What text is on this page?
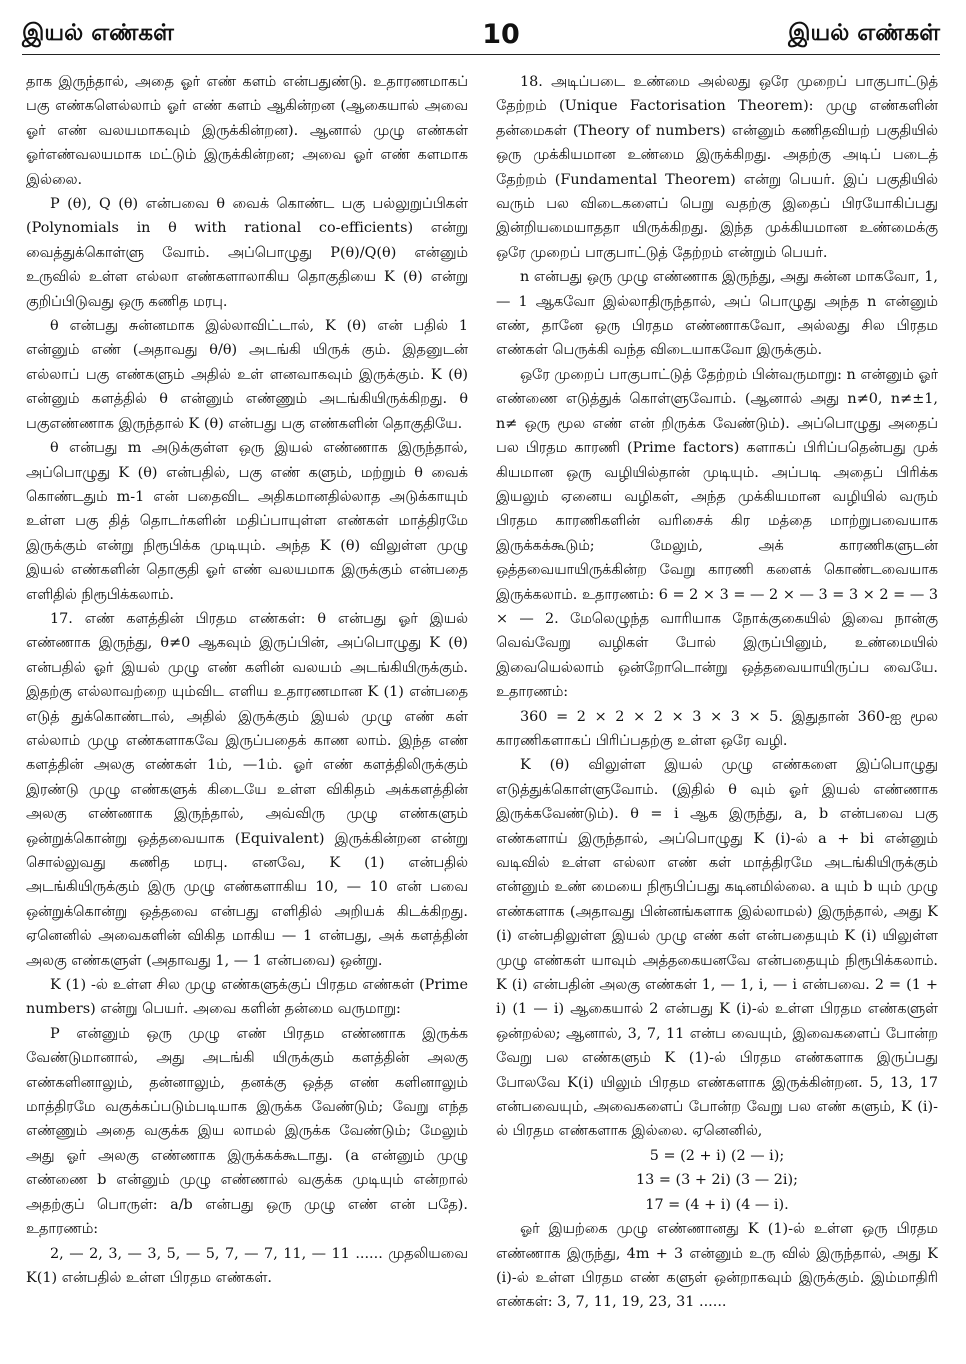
இயல் எண்கள்	10	இயல் எண்கள்

தாக இருந்தால், அதை ஓர் எண் களம் என்பதுண்டு. உதாரணமாகப் பகு எண்களெல்லாம் ஓர் எண் களம் ஆகின்றன (ஆகையால் அவை ஓர் எண் வலயமாகவும் இருக்கின்றன). ஆனால் முழு எண்கள் ஓர்எண்வலயமாக மட்டும் இருக்கின்றன; அவை ஓர் எண் களமாக இல்லை.

P (θ), Q (θ) என்பவை θ வைக் கொண்ட பகு பல்லுறுப்பிகள் (Polynomials in θ with rational co-efficients) என்று வைத்துக்கொள்ளு வோம். அப்பொழுது P(θ)/Q(θ) என்னும் உருவில் உள்ள எல்லா எண்களாலாகிய தொகுதியை K (θ) என்று குறிப்பிடுவது ஒரு கணித மரபு.

θ என்பது சுன்னமாக இல்லாவிட்டால், K (θ) என் பதில் 1 என்னும் எண் (அதாவது θ/θ) அடங்கி யிருக் கும். இதனுடன் எல்லாப் பகு எண்களும் அதில் உள் ளனவாகவும் இருக்கும். K (θ) என்னும் களத்தில் θ என்னும் எண்ணும் அடங்கியிருக்கிறது. θ பகுஎண்ணாக இருந்தால் K (θ) என்பது பகு எண்களின் தொகுதியே.

θ என்பது m அடுக்குள்ள ஒரு இயல் எண்ணாக இருந்தால், அப்பொழுது K (θ) என்பதில், பகு எண் களும், மற்றும் θ வைக் கொண்டதும் m-1 என் பதைவிட அதிகமானதில்லாத அடுக்காயும் உள்ள பகு தித் தொடர்களின் மதிப்பாயுள்ள எண்கள் மாத்திரமே இருக்கும் என்று நிரூபிக்க முடியும். அந்த K (θ) விலுள்ள முழு இயல் எண்களின் தொகுதி ஓர் எண் வலயமாக இருக்கும் என்பதை எளிதில் நிரூபிக்கலாம்.

17. எண் களத்தின் பிரதம எண்கள்: θ என்பது ஓர் இயல் எண்ணாக இருந்து, θ≠0 ஆகவும் இருப்பின், அப்பொழுது K (θ) என்பதில் ஓர் இயல் முழு எண் களின் வலயம் அடங்கியிருக்கும். இதற்கு எல்லாவற்றை யும்விட எளிய உதாரணமான K (1) என்பதை எடுத் துக்கொண்டால், அதில் இருக்கும் இயல் முழு எண் கள் எல்லாம் முழு எண்களாகவே இருப்பதைக் காண லாம். இந்த எண் களத்தின் அலகு எண்கள் 1ம், —1ம். ஓர் எண் களத்திலிருக்கும் இரண்டு முழு எண்களுக் கிடையே உள்ள விகிதம் அக்களத்தின் அலகு எண்ணாக இருந்தால், அவ்விரு முழு எண்களும் ஒன்றுக்கொன்று ஒத்தவையாக (Equivalent) இருக்கின்றன என்று சொல்லுவது கணித மரபு. எனவே, K (1) என்பதில் அடங்கியிருக்கும் இரு முழு எண்களாகிய 10, — 10 என் பவை ஒன்றுக்கொன்று ஒத்தவை என்பது எளிதில் அறியக் கிடக்கிறது. ஏனெனில் அவைகளின் விகித மாகிய — 1 என்பது, அக் களத்தின் அலகு எண்களுள் (அதாவது 1, — 1 என்பவை) ஒன்று.

K (1) -ல் உள்ள சில முழு எண்களுக்குப் பிரதம எண்கள் (Prime numbers) என்று பெயர். அவை களின் தன்மை வருமாறு:

P என்னும் ஒரு முழு எண் பிரதம எண்ணாக இருக்க வேண்டுமானால், அது அடங்கி யிருக்கும் களத்தின் அலகு எண்களினாலும், தன்னாலும், தனக்கு ஒத்த எண் களினாலும் மாத்திரமே வகுக்கப்படும்படியாக இருக்க வேண்டும்; வேறு எந்த எண்ணும் அதை வகுக்க இய லாமல் இருக்க வேண்டும்; மேலும் அது ஓர் அலகு எண்ணாக இருக்கக்கூடாது. (a என்னும் முழு எண்ணை b என்னும் முழு எண்ணால் வகுக்க முடியும் என்றால் அதற்குப் பொருள்: a/b என்பது ஒரு முழு எண் என் பதே). உதாரணம்:

2, — 2, 3, — 3, 5, — 5, 7, — 7, 11, — 11 ...... முதலியவை K(1) என்பதில் உள்ள பிரதம எண்கள்.

18. அடிப்படை உண்மை அல்லது ஒரே முறைப் பாகுபாட்டுத் தேற்றம் (Unique Factorisation Theorem): முழு எண்களின் தன்மைகள் (Theory of numbers) என்னும் கணிதவியற் பகுதியில் ஒரு முக்கியமான உண்மை இருக்கிறது. அதற்கு அடிப் படைத் தேற்றம் (Fundamental Theorem) என்று பெயர். இப் பகுதியில் வரும் பல விடைகளைப் பெறு வதற்கு இதைப் பிரயோகிப்பது இன்றியமையாததா யிருக்கிறது. இந்த முக்கியமான உண்மைக்கு ஒரே முறைப் பாகுபாட்டுத் தேற்றம் என்றும் பெயர்.

n என்பது ஒரு முழு எண்ணாக இருந்து, அது சுன்ன மாகவோ, 1, — 1 ஆகவோ இல்லாதிருந்தால், அப் பொழுது அந்த n என்னும் எண், தானே ஒரு பிரதம எண்ணாகவோ, அல்லது சில பிரதம எண்கள் பெருக்கி வந்த விடையாகவோ இருக்கும்.

ஒரே முறைப் பாகுபாட்டுத் தேற்றம் பின்வருமாறு: n என்னும் ஓர் எண்ணை எடுத்துக் கொள்ளுவோம். (ஆனால் அது n≠0, n≠±1, n≠ ஒரு மூல எண் என் றிருக்க வேண்டும்). அப்பொழுது அதைப் பல பிரதம காரணி (Prime factors) களாகப் பிரிப்பதென்பது முக் கியமான ஒரு வழியில்தான் முடியும். அப்படி அதைப் பிரிக்க இயலும் ஏனைய வழிகள், அந்த முக்கியமான வழியில் வரும் பிரதம காரணிகளின் வரிசைக் கிர மத்தை மாற்றுபவையாக இருக்கக்கூடும்; மேலும், அக் காரணிகளுடன் ஒத்தவையாயிருக்கின்ற வேறு காரணி களைக் கொண்டவையாக இருக்கலாம். உதாரணம்: 6 = 2 × 3 = — 2 × — 3 = 3 × 2 = — 3 × — 2. மேலெழுந்த வாரியாக நோக்குகையில் இவை நான்கு வெவ்வேறு வழிகள் போல் இருப்பினும், உண்மையில் இவையெல்லாம் ஒன்றோடொன்று ஒத்தவையாயிருப்ப வையே. உதாரணம்:

360 = 2 × 2 × 2 × 3 × 3 × 5. இதுதான் 360-ஐ மூல காரணிகளாகப் பிரிப்பதற்கு உள்ள ஒரே வழி.

K (θ) விலுள்ள இயல் முழு எண்களை இப்பொழுது எடுத்துக்கொள்ளுவோம். (இதில் θ வும் ஓர் இயல் எண்ணாக இருக்கவேண்டும்). θ = i ஆக இருந்து, a, b என்பவை பகு எண்களாய் இருந்தால், அப்பொழுது K (i)-ல் a + bi என்னும் வடிவில் உள்ள எல்லா எண் கள் மாத்திரமே அடங்கியிருக்கும் என்னும் உண் மையை நிரூபிப்பது கடினமில்லை. a யும் b யும் முழு எண்களாக (அதாவது பின்னங்களாக இல்லாமல்) இருந்தால், அது K (i) என்பதிலுள்ள இயல் முழு எண் கள் என்பதையும் K (i) யிலுள்ள முழு எண்கள் யாவும் அத்தகையனவே என்பதையும் நிரூபிக்கலாம். K (i) என்பதின் அலகு எண்கள் 1, — 1, i, — i என்பவை. 2 = (1 + i) (1 — i) ஆகையால் 2 என்பது K (i)-ல் உள்ள பிரதம எண்களுள் ஒன்றல்ல; ஆனால், 3, 7, 11 என்ப வையும், இவைகளைப் போன்ற வேறு பல எண்களும் K (1)-ல் பிரதம எண்களாக இருப்பது போலவே K(i) யிலும் பிரதம எண்களாக இருக்கின்றன. 5, 13, 17 என்பவையும், அவைகளைப் போன்ற வேறு பல எண் களும், K (i)-ல் பிரதம எண்களாக இல்லை. ஏனெனில்,

5 = (2 + i) (2 — i);

13 = (3 + 2i) (3 — 2i);

17 = (4 + i) (4 — i).

ஓர் இயற்கை முழு எண்ணானது K (1)-ல் உள்ள ஒரு பிரதம எண்ணாக இருந்து, 4m + 3 என்னும் உரு வில் இருந்தால், அது K (i)-ல் உள்ள பிரதம எண் களுள் ஒன்றாகவும் இருக்கும். இம்மாதிரி எண்கள்: 3, 7, 11, 19, 23, 31 ......
